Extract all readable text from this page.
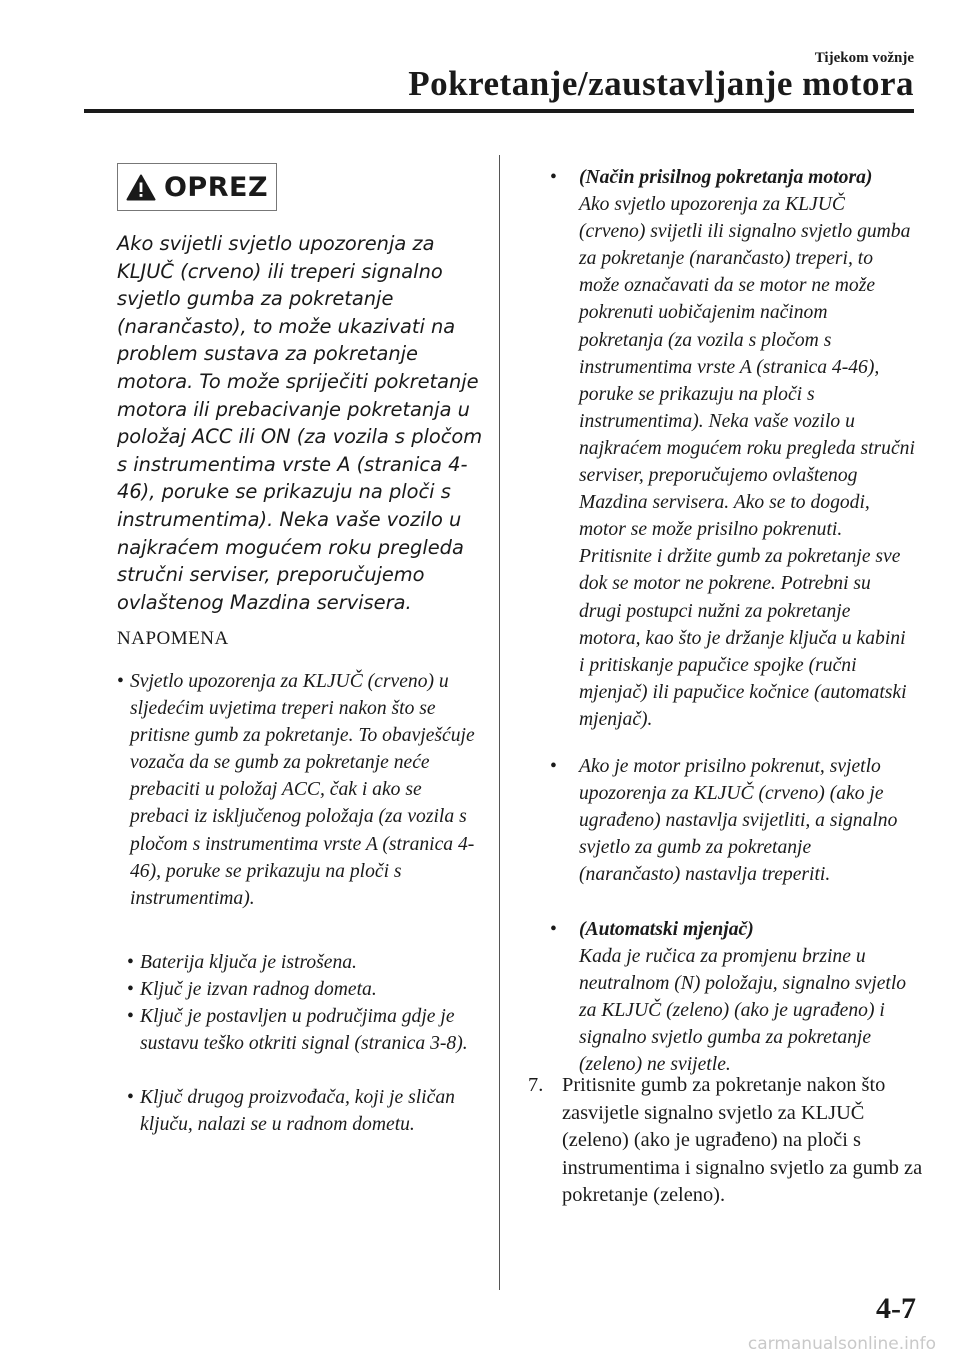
Tijekom vožnje
Pokretanje/zaustavljanje motora
OPREZ
Ako svijetli svjetlo upozorenja za KLJUČ (crveno) ili treperi signalno svjetlo gumba za pokretanje (narančasto), to može ukazivati na problem sustava za pokretanje motora. To može spriječiti pokretanje motora ili prebacivanje pokretanja u položaj ACC ili ON (za vozila s pločom s instrumentima vrste A (stranica 4-46), poruke se prikazuju na ploči s instrumentima). Neka vaše vozilo u najkraćem mogućem roku pregleda stručni serviser, preporučujemo ovlaštenog Mazdina servisera.
NAPOMENA
• Svjetlo upozorenja za KLJUČ (crveno) u sljedećim uvjetima treperi nakon što se pritisne gumb za pokretanje. To obavješćuje vozača da se gumb za pokretanje neće prebaciti u položaj ACC, čak i ako se prebaci iz isključenog položaja (za vozila s pločom s instrumentima vrste A (stranica 4-46), poruke se prikazuju na ploči s instrumentima).
• Baterija ključa je istrošena.
• Ključ je izvan radnog dometa.
• Ključ je postavljen u područjima gdje je sustavu teško otkriti signal (stranica 3-8).
• Ključ drugog proizvođača, koji je sličan ključu, nalazi se u radnom dometu.
•	(Način prisilnog pokretanja motora)
Ako svjetlo upozorenja za KLJUČ (crveno) svijetli ili signalno svjetlo gumba za pokretanje (narančasto) treperi, to može označavati da se motor ne može pokrenuti uobičajenim načinom pokretanja (za vozila s pločom s instrumentima vrste A (stranica 4-46), poruke se prikazuju na ploči s instrumentima). Neka vaše vozilo u najkraćem mogućem roku pregleda stručni serviser, preporučujemo ovlaštenog Mazdina servisera. Ako se to dogodi, motor se može prisilno pokrenuti. Pritisnite i držite gumb za pokretanje sve dok se motor ne pokrene. Potrebni su drugi postupci nužni za pokretanje motora, kao što je držanje ključa u kabini i pritiskanje papučice spojke (ručni mjenjač) ili papučice kočnice (automatski mjenjač).
•	Ako je motor prisilno pokrenut, svjetlo upozorenja za KLJUČ (crveno) (ako je ugrađeno) nastavlja svijetliti, a signalno svjetlo za gumb za pokretanje (narančasto) nastavlja treperiti.
•	(Automatski mjenjač)
Kada je ručica za promjenu brzine u neutralnom (N) položaju, signalno svjetlo za KLJUČ (zeleno) (ako je ugrađeno) i signalno svjetlo gumba za pokretanje (zeleno) ne svijetle.
7. Pritisnite gumb za pokretanje nakon što zasvijetle signalno svjetlo za KLJUČ (zeleno) (ako je ugrađeno) na ploči s instrumentima i signalno svjetlo za gumb za pokretanje (zeleno).
4-7
carmanualsonline.info
